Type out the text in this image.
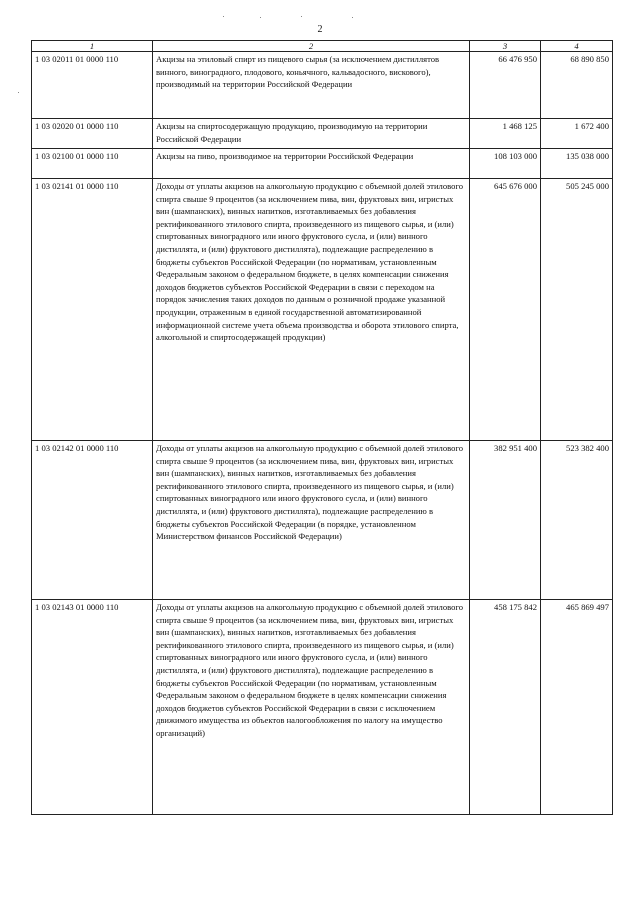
2
1	2	3	4
1 03 02011 01 0000 110	Акцизы на этиловый спирт из пищевого сырья (за исключением дистиллятов винного, виноградного, плодового, коньячного, кальвадосного, вискового), производимый на территории Российской Федерации	66 476 950	68 890 850
1 03 02020 01 0000 110	Акцизы на спиртосодержащую продукцию, производимую на территории Российской Федерации	1 468 125	1 672 400
1 03 02100 01 0000 110	Акцизы на пиво, производимое на территории Российской Федерации	108 103 000	135 038 000
1 03 02141 01 0000 110	Доходы от уплаты акцизов на алкогольную продукцию с объемной долей этилового спирта свыше 9 процентов (за исключением пива, вин, фруктовых вин, игристых вин (шампанских), винных напитков, изготавливаемых без добавления ректификованного этилового спирта, произведенного из пищевого сырья, и (или) спиртованных виноградного или иного фруктового сусла, и (или) винного дистиллята, и (или) фруктового дистиллята), подлежащие распределению в бюджеты субъектов Российской Федерации (по нормативам, установленным Федеральным законом о федеральном бюджете, в целях компенсации снижения доходов бюджетов субъектов Российской Федерации в связи с переходом на порядок зачисления таких доходов по данным о розничной продаже указанной продукции, отраженным в единой государственной автоматизированной информационной системе учета объема производства и оборота этилового спирта, алкогольной и спиртосодержащей продукции)	645 676 000	505 245 000
1 03 02142 01 0000 110	Доходы от уплаты акцизов на алкогольную продукцию с объемной долей этилового спирта свыше 9 процентов (за исключением пива, вин, фруктовых вин, игристых вин (шампанских), винных напитков, изготавливаемых без добавления ректификованного этилового спирта, произведенного из пищевого сырья, и (или) спиртованных виноградного или иного фруктового сусла, и (или) винного дистиллята, и (или) фруктового дистиллята), подлежащие распределению в бюджеты субъектов Российской Федерации (в порядке, установленном Министерством финансов Российской Федерации)	382 951 400	523 382 400
1 03 02143 01 0000 110	Доходы от уплаты акцизов на алкогольную продукцию с объемной долей этилового спирта свыше 9 процентов (за исключением пива, вин, фруктовых вин, игристых вин (шампанских), винных напитков, изготавливаемых без добавления ректификованного этилового спирта, произведенного из пищевого сырья, и (или) спиртованных виноградного или иного фруктового сусла, и (или) винного дистиллята, и (или) фруктового дистиллята), подлежащие распределению в бюджеты субъектов Российской Федерации (по нормативам, установленным Федеральным законом о федеральном бюджете в целях компенсации снижения доходов бюджетов субъектов Российской Федерации в связи с исключением движимого имущества из объектов налогообложения по налогу на имущество организаций)	458 175 842	465 869 497
